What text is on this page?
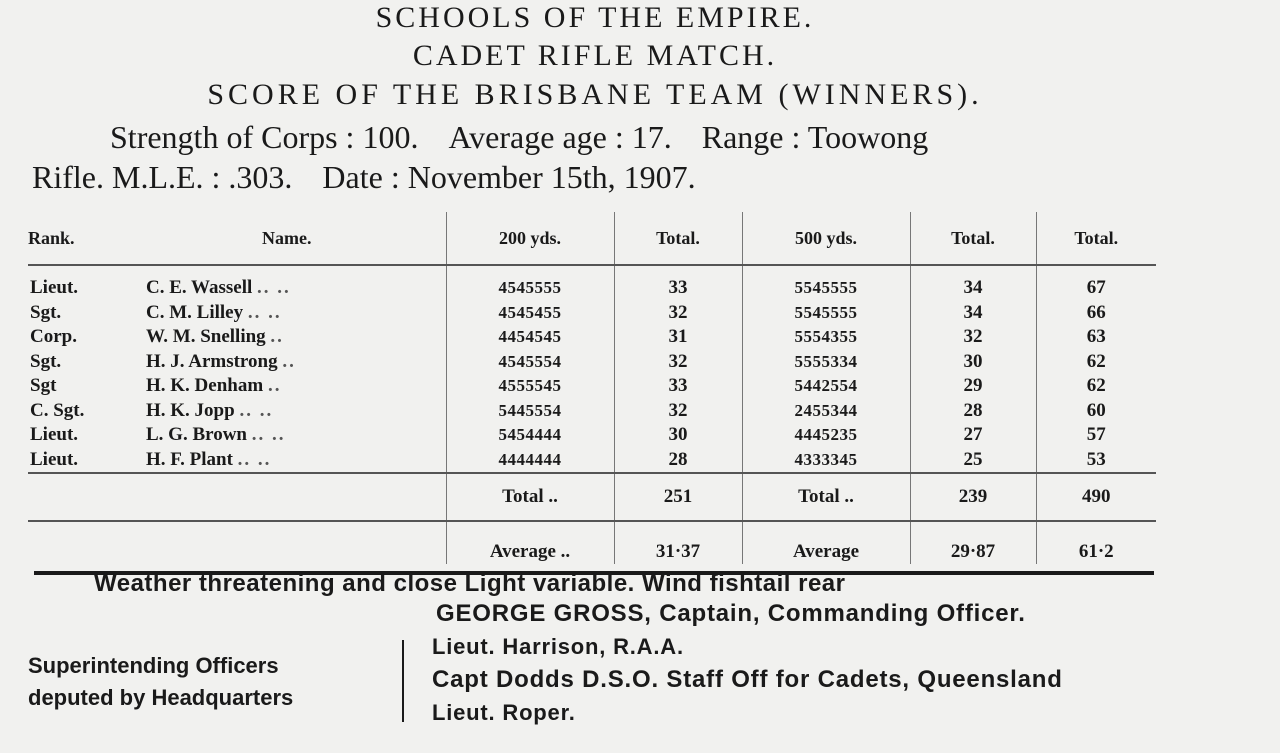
SCHOOLS OF THE EMPIRE.
CADET RIFLE MATCH.
SCORE OF THE BRISBANE TEAM (WINNERS).
Strength of Corps : 100. Average age : 17. Range : Toowong
Rifle. M.L.E. : .303. Date : November 15th, 1907.
Rank.	Name.	200 yds.	Total.	500 yds.	Total.	Total.
Lieut.	C. E. Wassell .. ..	4545555	33	5545555	34	67
Sgt.	C. M. Lilley .. ..	4545455	32	5545555	34	66
Corp.	W. M. Snelling ..	4454545	31	5554355	32	63
Sgt.	H. J. Armstrong ..	4545554	32	5555334	30	62
Sgt	H. K. Denham ..	4555545	33	5442554	29	62
C. Sgt.	H. K. Jopp .. ..	5445554	32	2455344	28	60
Lieut.	L. G. Brown .. ..	5454444	30	4445235	27	57
Lieut.	H. F. Plant .. ..	4444444	28	4333345	25	53
		Total ..	251	Total ..	239	490
		Average ..	31·37	Average	29·87	61·2
Weather threatening and close Light variable. Wind fishtail rear
GEORGE GROSS, Captain, Commanding Officer.
Superintending Officers
deputed by Headquarters
Lieut. Harrison, R.A.A.
Capt Dodds D.S.O. Staff Off for Cadets, Queensland
Lieut. Roper.
